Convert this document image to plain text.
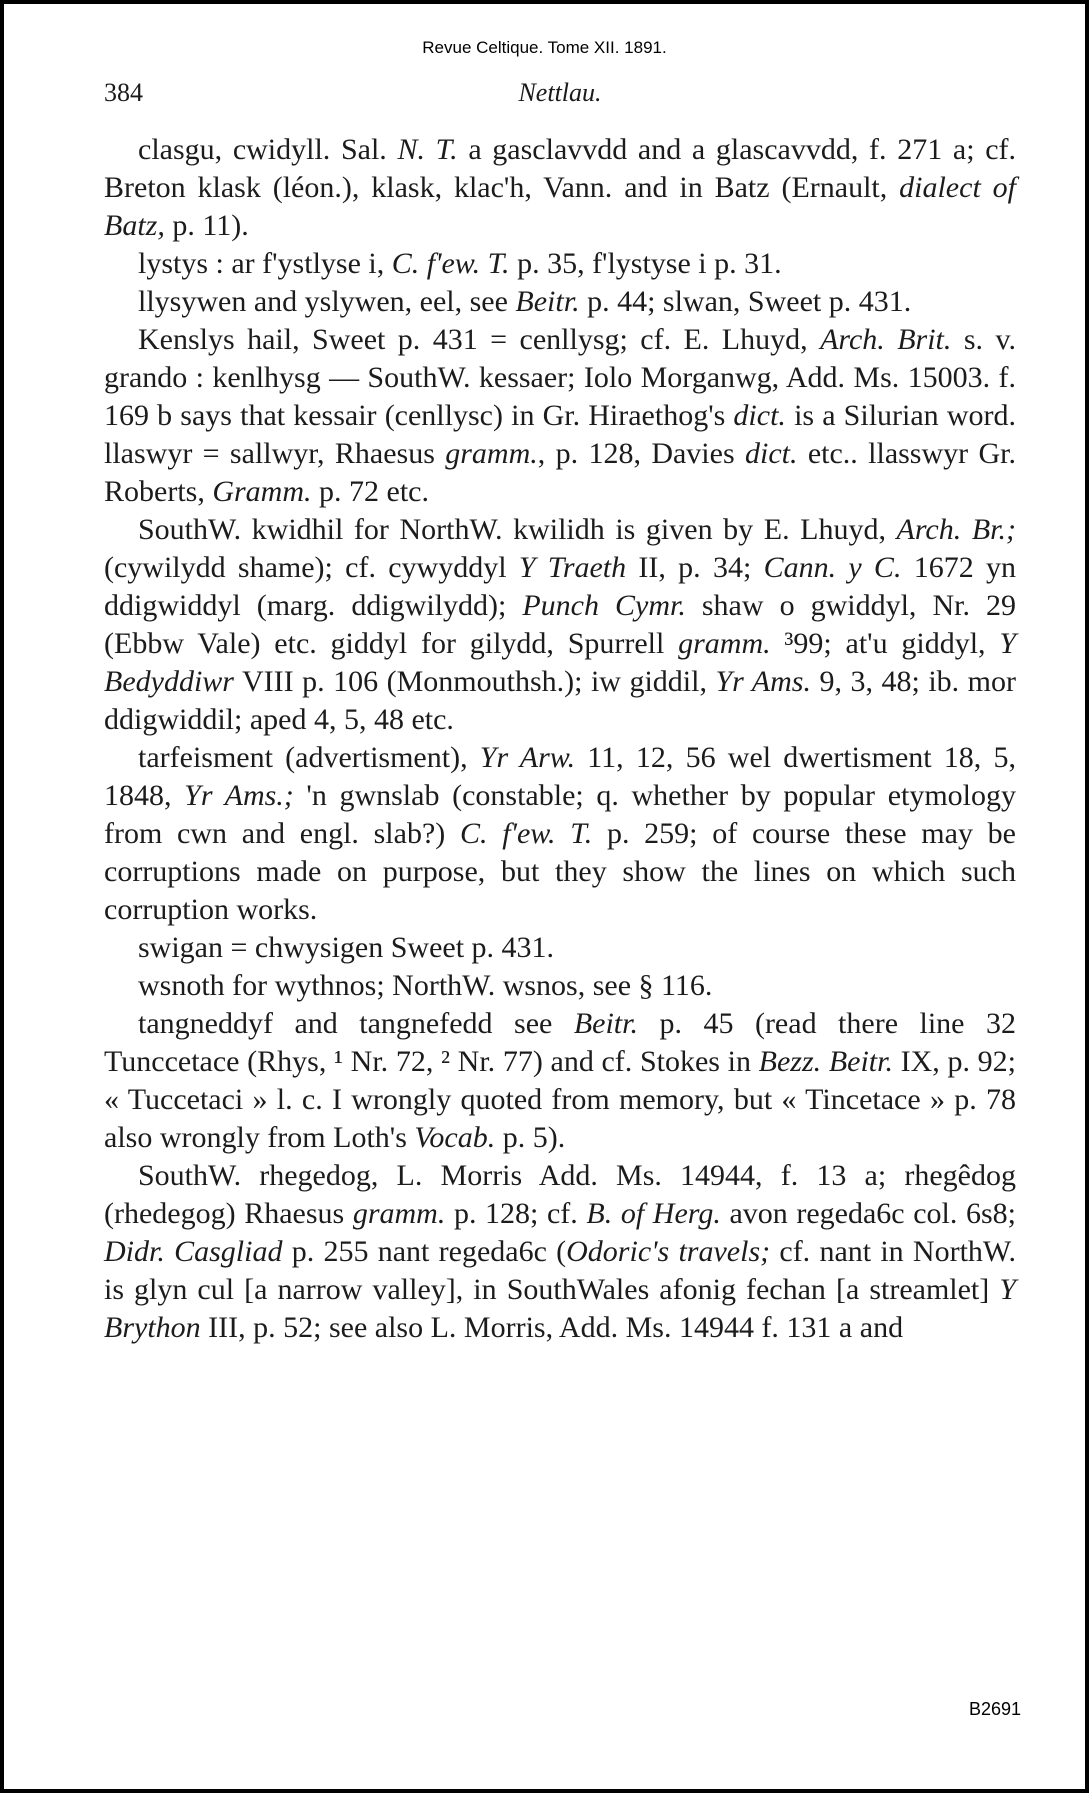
Revue Celtique. Tome XII. 1891.
384	Nettlau.

clasgu, cwidyll. Sal. N. T. a gasclavvdd and a glascavvdd, f. 271 a; cf. Breton klask (léon.), klask, klac'h, Vann. and in Batz (Ernault, dialect of Batz, p. 11).

lystys : ar f'ystlyse i, C. f'ew. T. p. 35, f'lystyse i p. 31.

llysywen and yslywen, eel, see Beitr. p. 44; slwan, Sweet p. 431.

Kenslys hail, Sweet p. 431 = cenllysg; cf. E. Lhuyd, Arch. Brit. s. v. grando : kenlhysg — SouthW. kessaer; Iolo Morganwg, Add. Ms. 15003. f. 169 b says that kessair (cenllysc) in Gr. Hiraethog's dict. is a Silurian word. llaswyr = sallwyr, Rhaesus gramm., p. 128, Davies dict. etc.. llasswyr Gr. Roberts, Gramm. p. 72 etc.

SouthW. kwidhil for NorthW. kwilidh is given by E. Lhuyd, Arch. Br.; (cywilydd shame); cf. cywyddyl Y Traeth II, p. 34; Cann. y C. 1672 yn ddigwiddyl (marg. ddigwilydd); Punch Cymr. shaw o gwiddyl, Nr. 29 (Ebbw Vale) etc. giddyl for gilydd, Spurrell gramm. ³99; at'u giddyl, Y Bedyddiwr VIII p. 106 (Monmouthsh.); iw giddil, Yr Ams. 9, 3, 48; ib. mor ddigwiddil; aped 4, 5, 48 etc.

tarfeisment (advertisment), Yr Arw. 11, 12, 56 wel dwertisment 18, 5, 1848, Yr Ams.; 'n gwnslab (constable; q. whether by popular etymology from cwn and engl. slab?) C. f'ew. T. p. 259; of course these may be corruptions made on purpose, but they show the lines on which such corruption works.

swigan = chwysigen Sweet p. 431.

wsnoth for wythnos; NorthW. wsnos, see § 116.

tangneddyf and tangnefedd see Beitr. p. 45 (read there line 32 Tunccetace (Rhys, ¹ Nr. 72, ² Nr. 77) and cf. Stokes in Bezz. Beitr. IX, p. 92; « Tuccetaci » l. c. I wrongly quoted from memory, but « Tincetace » p. 78 also wrongly from Loth's Vocab. p. 5).

SouthW. rhegedog, L. Morris Add. Ms. 14944, f. 13 a; rhegêdog (rhedegog) Rhaesus gramm. p. 128; cf. B. of Herg. avon regeda6c col. 6s8; Didr. Casgliad p. 255 nant regeda6c (Odoric's travels; cf. nant in NorthW. is glyn cul [a narrow valley], in SouthWales afonig fechan [a streamlet] Y Brython III, p. 52; see also L. Morris, Add. Ms. 14944 f. 131 a and

B2691
